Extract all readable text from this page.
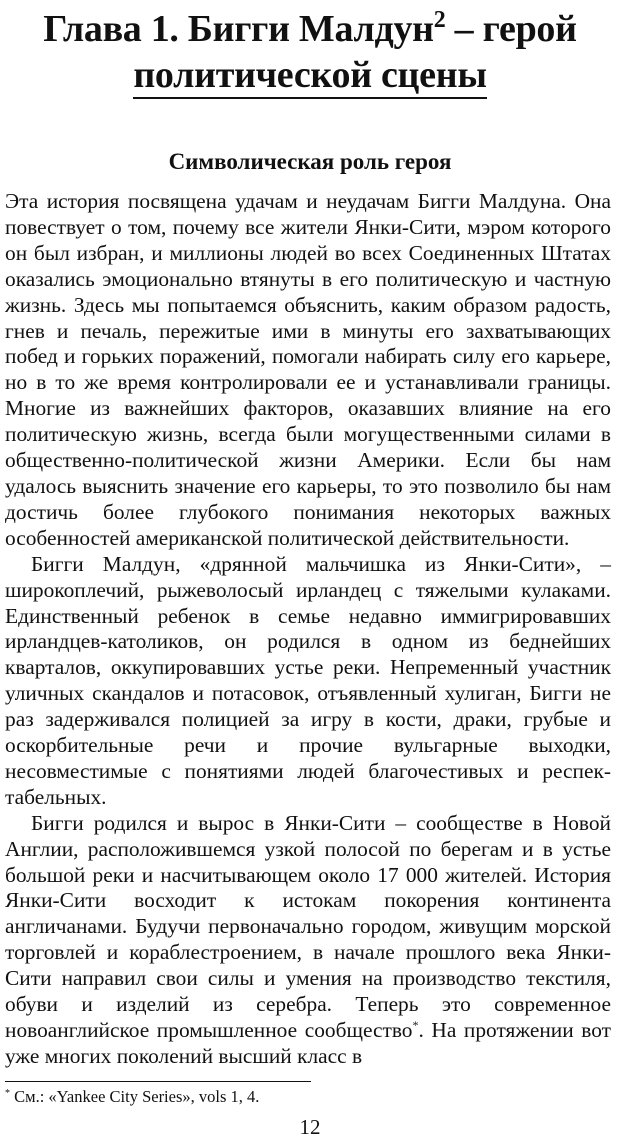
Глава 1. Бигги Малдун$^2$ – герой
политической сцены
Символическая роль героя

Эта история посвящена удачам и неудачам Бигги Малдуна. Она повествует о том, почему все жители Янки-Сити, мэром которого он был избран, и миллионы людей во всех Соединенных Штатах оказались эмоционально втянуты в его политическую и частную жизнь. Здесь мы попытаемся объяснить, каким образом радость, гнев и печаль, пережитые ими в минуты его захватывающих побед и горьких поражений, помогали набирать силу его карьере, но в то же время контролировали ее и устанавливали границы. Многие из важнейших факторов, оказавших влияние на его политическую жизнь, всегда были могущественными силами в общественно-политической жизни Америки. Если бы нам удалось выяснить значение его карьеры, то это позволило бы нам достичь более глубокого понимания некоторых важных особенностей американской политической действительности.

Бигги Малдун, «дрянной мальчишка из Янки-Сити», – широкоплечий, рыжеволосый ирландец с тяжелыми кулаками. Единственный ребенок в семье недавно иммигрировавших ирландцев-католиков, он родился в одном из беднейших кварталов, оккупировавших устье реки. Непременный участник уличных скандалов и потасовок, отъявленный хулиган, Бигги не раз задерживался полицией за игру в кости, драки, грубые и оскорбительные речи и прочие вульгарные выходки, несовместимые с понятиями людей благочестивых и респектабельных.

Бигги родился и вырос в Янки-Сити – сообществе в Новой Англии, расположившемся узкой полосой по берегам и в устье большой реки и насчитывающем около 17 000 жителей. История Янки-Сити восходит к истокам покорения континента англичанами. Будучи первоначально городом, живущим морской торговлей и кораблестроением, в начале прошлого века Янки-Сити направил свои силы и умения на производство текстиля, обуви и изделий из серебра. Теперь это современное новоанглийское промышленное сообщество*. На протяжении вот уже многих поколений высший класс в

* См.: «Yankee City Series», vols 1, 4.
12
